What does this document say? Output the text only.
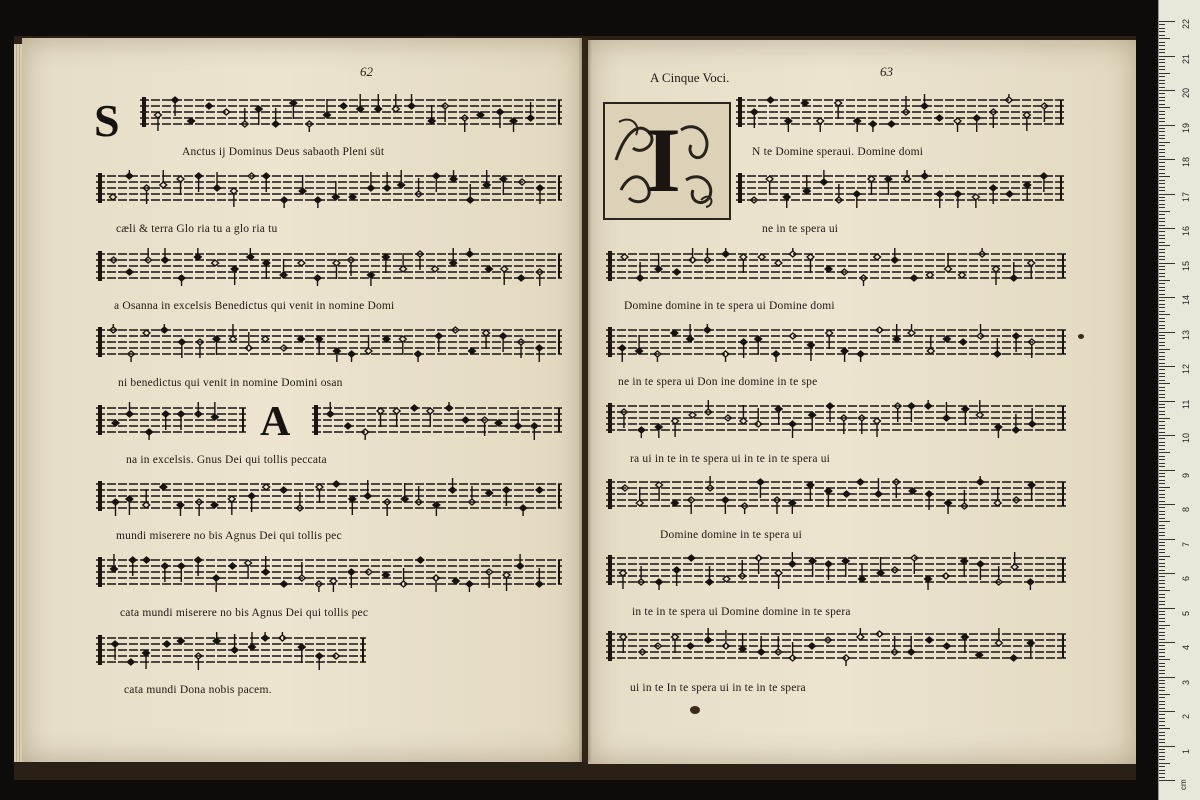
62	63
A Cinque Voci.
S
A
I
Anctus ij Dominus Deus sabaoth Pleni süt
cæli & terra Glo ria tu a glo ria tu
a Osanna in excelsis Benedictus qui venit in nomine Domi
ni benedictus qui venit in nomine Domini osan
na in excelsis. Gnus Dei qui tollis peccata
mundi miserere no bis Agnus Dei qui tollis pec
cata mundi miserere no bis Agnus Dei qui tollis pec
cata mundi Dona nobis pacem.
N te Domine speraui. Domine domi
ne in te spera ui
Domine domine in te spera ui Domine domi
ne in te spera ui Don ine domine in te spe
ra ui in te in te spera ui in te in te spera ui
Domine domine in te spera ui
in te in te spera ui Domine domine in te spera
ui in te In te spera ui in te in te spera
cm
1
2
3
4
5
6
7
8
9
10
11
12
13
14
15
16
17
18
19
20
21
22
